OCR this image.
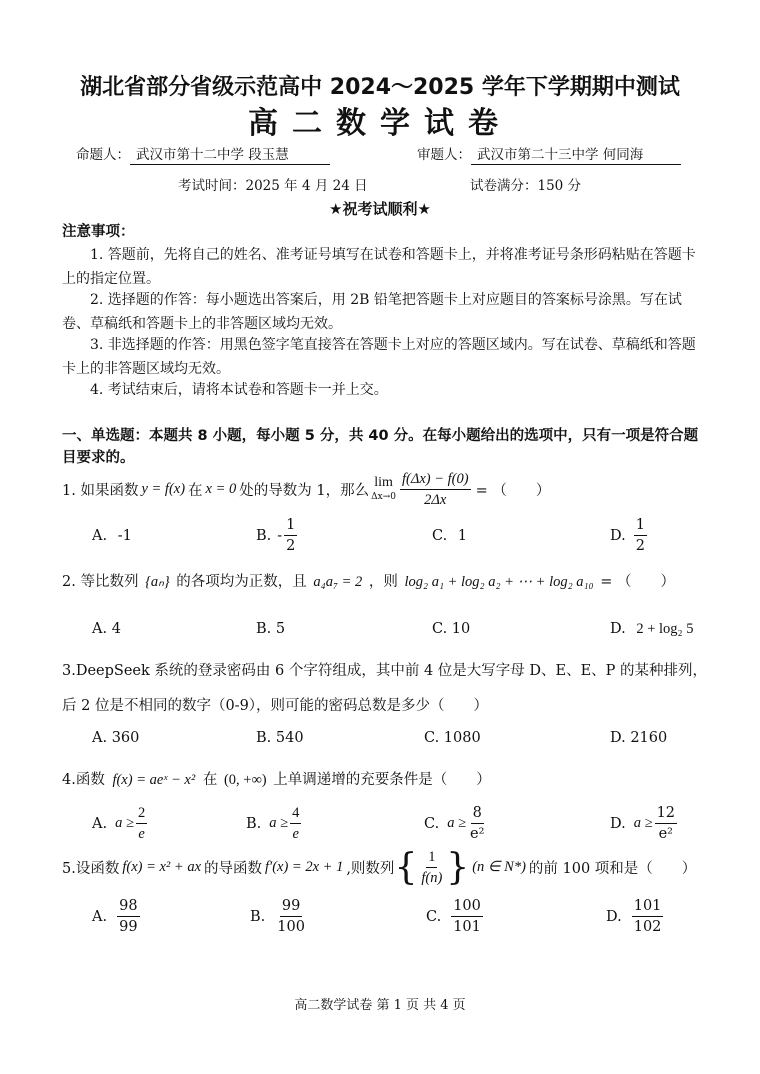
湖北省部分省级示范高中 2024～2025 学年下学期期中测试
高二数学试卷
命题人： 武汉市第十二中学 段玉慧	审题人： 武汉市第二十三中学 何同海
考试时间：2025 年 4 月 24 日	试卷满分：150 分
★祝考试顺利★
注意事项：
1. 答题前，先将自己的姓名、准考证号填写在试卷和答题卡上，并将准考证号条形码粘贴在答题卡上的指定位置。
2. 选择题的作答：每小题选出答案后，用 2B 铅笔把答题卡上对应题目的答案标号涂黑。写在试卷、草稿纸和答题卡上的非答题区域均无效。
3. 非选择题的作答：用黑色签字笔直接答在答题卡上对应的答题区域内。写在试卷、草稿纸和答题卡上的非答题区域均无效。
4. 考试结束后，请将本试卷和答题卡一并上交。
一、单选题：本题共 8 小题，每小题 5 分，共 40 分。在每小题给出的选项中，只有一项是符合题目要求的。
1. 如果函数 y = f(x) 在 x = 0 处的导数为 1，那么
lim
$\Delta x\to 0 \frac{f(\Delta x) - f(0)}{2\Delta x}$ = （　　）
A. -1	B. - $\frac{1}{2}$	C. 1	D. $\frac{1}{2}$
2. 等比数列 {aₙ} 的各项均为正数，且 a₄a₇ = 2 ，则 log₂ a₁ + log₂ a₂ + ⋯ + log₂ a₁₀ = （　　）
A. 4	B. 5	C. 10	D. 2 + log₂ 5
3.DeepSeek 系统的登录密码由 6 个字符组成，其中前 4 位是大写字母 D、E、E、P 的某种排列，
后 2 位是不相同的数字（0-9），则可能的密码总数是多少（　　）
A. 360	B. 540	C. 1080	D. 2160
4.函数 f(x) = aeˣ − x² 在 (0, +∞) 上单调递增的充要条件是（　　）
A. $a \ge \frac{2}{e}$	B. $a \ge \frac{4}{e}$	C. $a \ge \frac{8}{\text{e²}}$	D. $a \ge \frac{12}{\text{e²}}$
5.设函数 f(x) = x² + ax 的导函数 f′(x) = 2x + 1 ,则数列 { $\frac{1}{f(n)}$ } (n ∈ N*) 的前 100 项和是（　　）
A. $\frac{98}{99}$	B. $\frac{99}{100}$	C. $\frac{100}{101}$	D. $\frac{101}{102}$
高二数学试卷 第 1 页 共 4 页
